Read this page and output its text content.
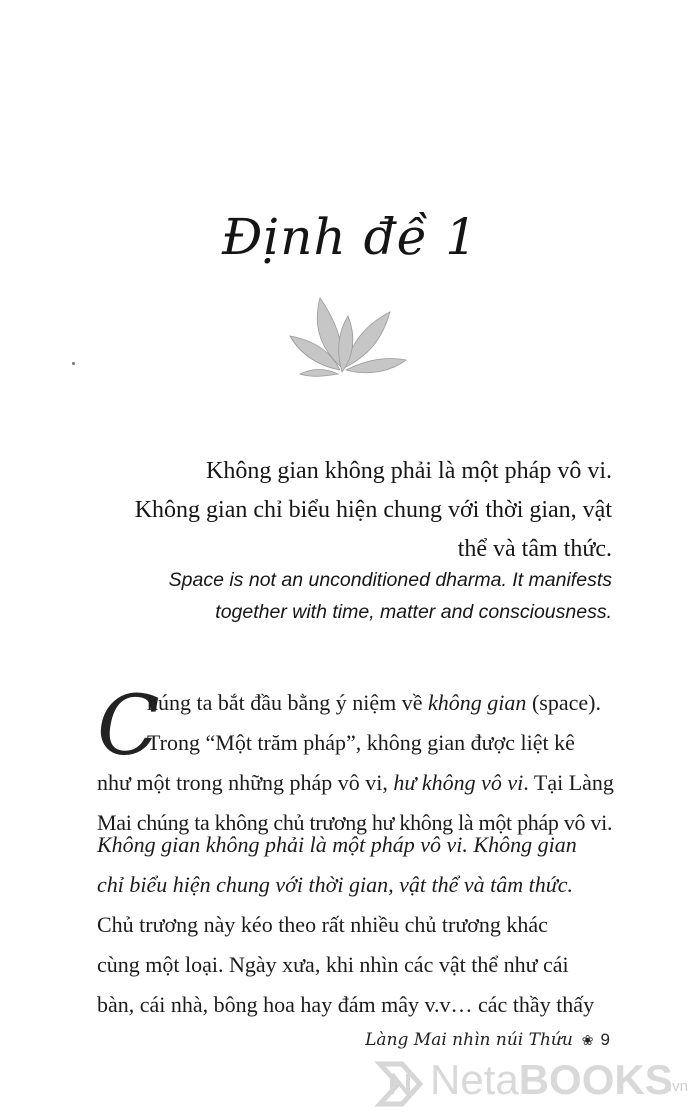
Định đề 1
Không gian không phải là một pháp vô vi.
Không gian chỉ biểu hiện chung với thời gian, vật
thể và tâm thức.
Space is not an unconditioned dharma. It manifests
together with time, matter and consciousness.
C
húng ta bắt đầu bằng ý niệm về không gian (space).
Trong “Một trăm pháp”, không gian được liệt kê
như một trong những pháp vô vi, hư không vô vi. Tại Làng
Mai chúng ta không chủ trương hư không là một pháp vô vi.
Không gian không phải là một pháp vô vi. Không gian
chỉ biểu hiện chung với thời gian, vật thể và tâm thức.
Chủ trương này kéo theo rất nhiều chủ trương khác
cùng một loại. Ngày xưa, khi nhìn các vật thể như cái
bàn, cái nhà, bông hoa hay đám mây v.v… các thầy thấy
Làng Mai nhìn núi Thứu ❀ 9
NetaBOOKS
.vn
